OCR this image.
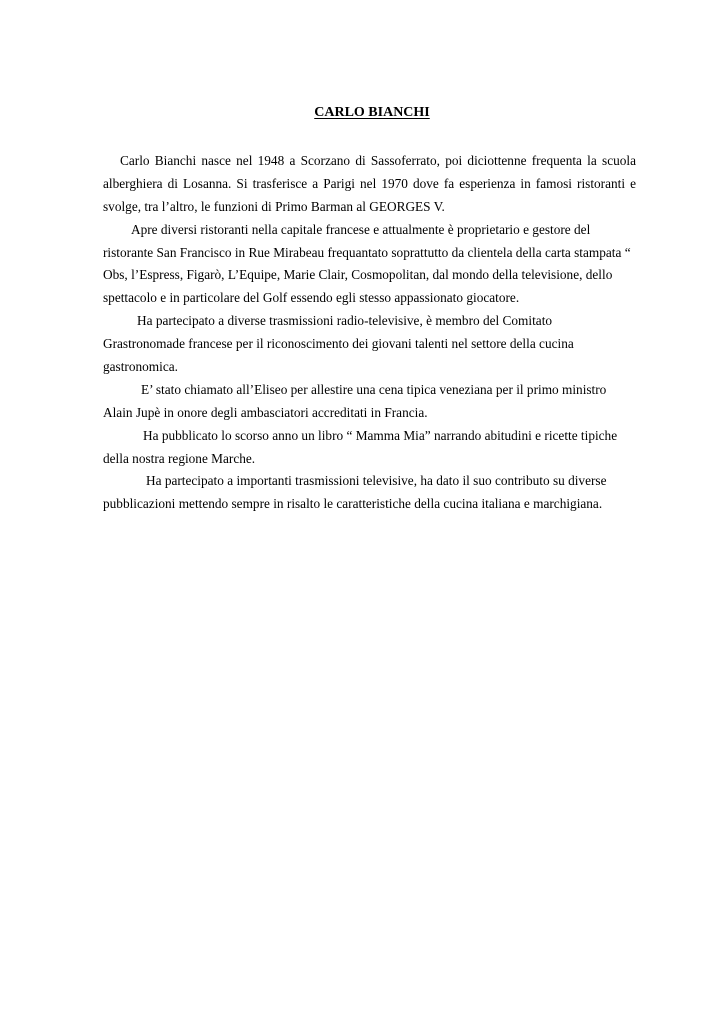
CARLO BIANCHI
Carlo Bianchi nasce nel 1948 a Scorzano di Sassoferrato, poi diciottenne frequenta la scuola
alberghiera di Losanna. Si trasferisce a Parigi nel 1970 dove fa esperienza in famosi ristoranti e
svolge, tra l’altro, le funzioni di Primo Barman al GEORGES V.
Apre diversi ristoranti nella capitale francese e attualmente è proprietario e gestore del
ristorante San Francisco in Rue Mirabeau frequantato soprattutto da clientela della carta stampata “
Obs, l’Espress, Figarò, L’Equipe, Marie Clair, Cosmopolitan, dal mondo della televisione, dello
spettacolo e in particolare del Golf essendo egli stesso appassionato giocatore.
Ha partecipato a diverse trasmissioni radio-televisive, è membro del Comitato
Grastronomade francese per il riconoscimento dei giovani talenti nel settore della cucina
gastronomica.
E’ stato chiamato all’Eliseo per allestire una cena tipica veneziana per il primo ministro
Alain Jupè in onore degli ambasciatori accreditati in Francia.
Ha pubblicato lo scorso anno un libro “ Mamma Mia” narrando abitudini e ricette tipiche
della nostra regione Marche.
Ha partecipato a importanti trasmissioni televisive, ha dato il suo contributo su diverse
pubblicazioni mettendo sempre in risalto le caratteristiche della cucina italiana e marchigiana.
